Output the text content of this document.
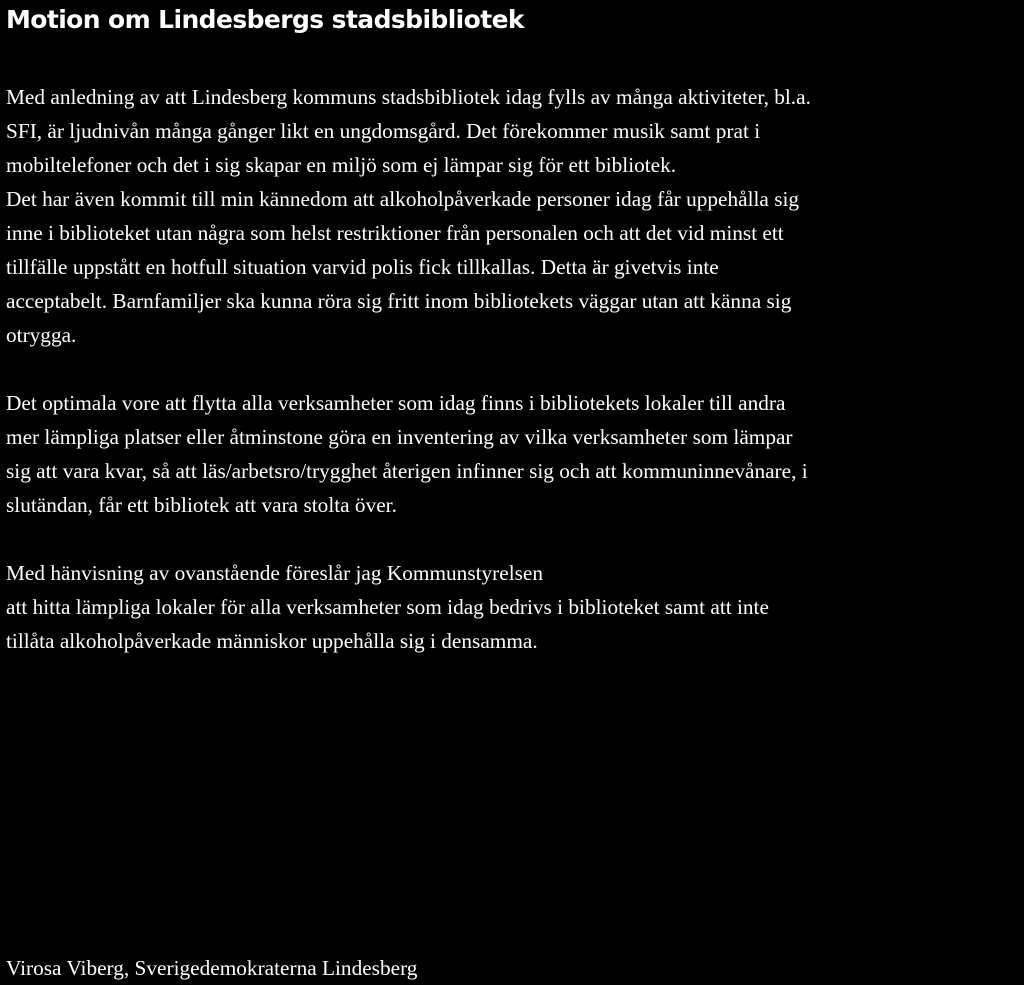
Motion om Lindesbergs stadsbibliotek

Med anledning av att Lindesberg kommuns stadsbibliotek idag fylls av många aktiviteter, bl.a.
SFI, är ljudnivån många gånger likt en ungdomsgård. Det förekommer musik samt prat i
mobiltelefoner och det i sig skapar en miljö som ej lämpar sig för ett bibliotek.
Det har även kommit till min kännedom att alkoholpåverkade personer idag får uppehålla sig
inne i biblioteket utan några som helst restriktioner från personalen och att det vid minst ett
tillfälle uppstått en hotfull situation varvid polis fick tillkallas. Detta är givetvis inte
acceptabelt. Barnfamiljer ska kunna röra sig fritt inom bibliotekets väggar utan att känna sig
otrygga.

Det optimala vore att flytta alla verksamheter som idag finns i bibliotekets lokaler till andra
mer lämpliga platser eller åtminstone göra en inventering av vilka verksamheter som lämpar
sig att vara kvar, så att läs/arbetsro/trygghet återigen infinner sig och att kommuninnevånare, i
slutändan, får ett bibliotek att vara stolta över.

Med hänvisning av ovanstående föreslår jag Kommunstyrelsen
att hitta lämpliga lokaler för alla verksamheter som idag bedrivs i biblioteket samt att inte
tillåta alkoholpåverkade människor uppehålla sig i densamma.

Virosa Viberg, Sverigedemokraterna Lindesberg
